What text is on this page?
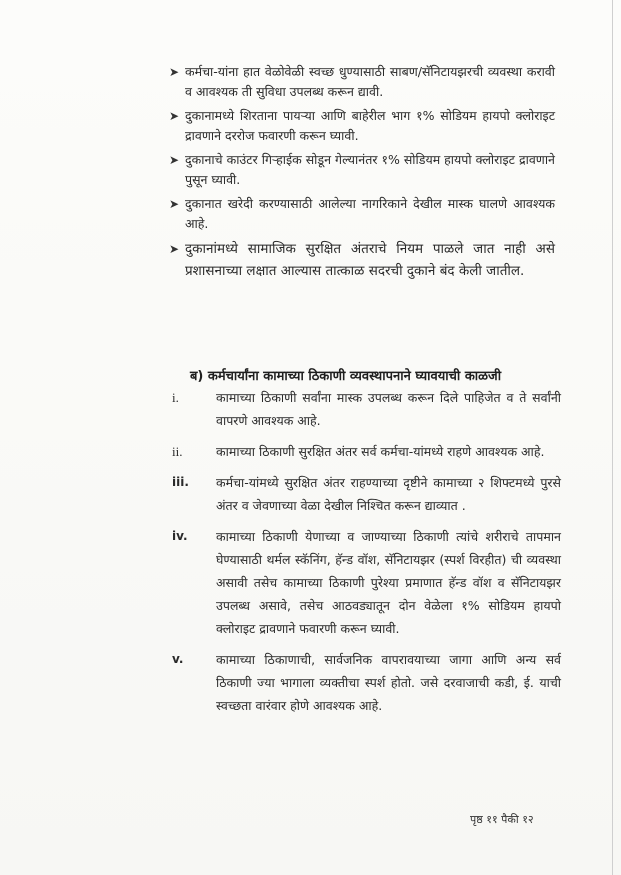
➤ कर्मचा-यांना हात वेळोवेळी स्वच्छ धुण्यासाठी साबण/सॅनिटायझरची व्यवस्था करावी व आवश्यक ती सुविधा उपलब्ध करून द्यावी.
➤ दुकानामध्ये शिरताना पायऱ्या आणि बाहेरील भाग १% सोडियम हायपो क्लोराइट द्रावणाने दररोज फवारणी करून घ्यावी.
➤ दुकानाचे काउंटर गिऱ्हाईक सोडून गेल्यानंतर १% सोडियम हायपो क्लोराइट द्रावणाने पुसून घ्यावी.
➤ दुकानात खरेदी करण्यासाठी आलेल्या नागरिकाने देखील मास्क घालणे आवश्यक आहे.
➤ दुकानांमध्ये सामाजिक सुरक्षित अंतराचे नियम पाळले जात नाही असे प्रशासनाच्या लक्षात आल्यास तात्काळ सदरची दुकाने बंद केली जातील.
ब) कर्मचार्यांना कामाच्या ठिकाणी व्यवस्थापनाने घ्यावयाची काळजी
i.	कामाच्या ठिकाणी सर्वांना मास्क उपलब्ध करून दिले पाहिजेत व ते सर्वांनी वापरणे आवश्यक आहे.
ii.	कामाच्या ठिकाणी सुरक्षित अंतर सर्व कर्मचा-यांमध्ये राहणे आवश्यक आहे.
iii. कर्मचा-यांमध्ये सुरक्षित अंतर राहण्याच्या दृष्टीने कामाच्या २ शिफ्टमध्ये पुरसे अंतर व जेवणाच्या वेळा देखील निश्चित करून द्याव्यात .
iv. कामाच्या ठिकाणी येणाच्या व जाण्याच्या ठिकाणी त्यांचे शरीराचे तापमान घेण्यासाठी थर्मल स्कॅनिंग, हॅन्ड वॉश, सॅनिटायझर (स्पर्श विरहीत) ची व्यवस्था असावी तसेच कामाच्या ठिकाणी पुरेश्या प्रमाणात हॅन्ड वॉश व सॅनिटायझर उपलब्ध असावे, तसेच आठवड्यातून दोन वेळेला १% सोडियम हायपो क्लोराइट द्रावणाने फवारणी करून घ्यावी.
v.	कामाच्या ठिकाणाची, सार्वजनिक वापरावयाच्या जागा आणि अन्य सर्व ठिकाणी ज्या भागाला व्यक्तीचा स्पर्श होतो. जसे दरवाजाची कडी, ई. याची स्वच्छता वारंवार होणे आवश्यक आहे.
पृष्ठ ११ पैकी १२
